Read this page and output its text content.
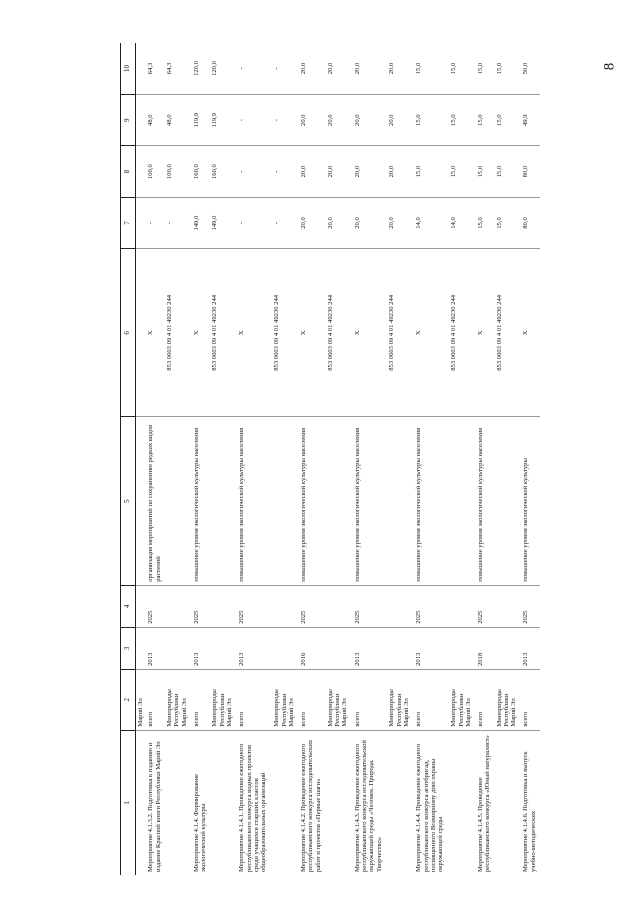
8
1	2	3	4	5	6	7	8	9	10
	Марий Эл								
Мероприятие 4.1.3.2. Подготовка к изданию и издание Красной книги Республики Марий Эл	всего	2013	2025	организация мероприятий по сохранению редких видов растений	X	-	100,0	48,0	64,3
	Минприроды Республики Марий Эл				853 0603 09 4 01 49230 244	-	100,0	48,0	64,3
Мероприятие 4.1.4. Формирование экологической культуры	всего	2013	2025	повышение уровня экологической культуры населения	X	149,0	160,0	119,9	120,0
	Минприроды Республики Марий Эл				853 0603 09 4 01 49230 244	149,0	160,0	119,9	120,0
Мероприятие 4.1.4.1. Проведение ежегодного республиканского конкурса водных проектов среди учащихся старших классов общеобразовательных организаций	всего	2013	2025	повышение уровня экологической культуры населения	X	-	-	-	-
	Минприроды Республики Марий Эл				853 0603 09 4 01 49230 244	-	-	-	-
Мероприятие 4.1.4.2. Проведение ежегодного республиканского конкурса исследовательских работ и проектов «Первые шаги»	всего	2016	2025	повышение уровня экологической культуры населения	X	20,0	20,0	20,0	20,0
	Минприроды Республики Марий Эл				853 0603 09 4 01 49230 244	20,0	20,0	20,0	20,0
Мероприятие 4.1.4.3. Проведение ежегодного республиканского конкурса исследовательской окружающей среды «Человек. Природа. Творчество»	всего	2013	2025	повышение уровня экологической культуры населения	X	20,0	20,0	20,0	20,0
	Минприроды Республики Марий Эл				853 0603 09 4 01 49230 244	20,0	20,0	20,0	20,0
Мероприятие 4.1.4.4. Проведение ежегодного республиканского конкурса агитбригад, посвященного Всемирному дню охраны окружающей среды	всего	2013	2025	повышение уровня экологической культуры населения	X	14,0	15,0	15,0	15,0
	Минприроды Республики Марий Эл				853 0603 09 4 01 49230 244	14,0	15,0	15,0	15,0
Мероприятие 4.1.4.5. Проведение республиканского конкурса «Юный натуралист»	всего	2018	2025	повышение уровня экологической культуры населения	X	15,0	15,0	15,0	15,0
	Минприроды Республики Марий Эл				853 0603 09 4 01 49230 244	15,0	15,0	15,0	15,0
Мероприятие 4.1.4.6. Подготовка и выпуск учебно-методических	всего	2013	2025	повышение уровня экологической культуры	X	80,0	80,0	49,9	50,0
